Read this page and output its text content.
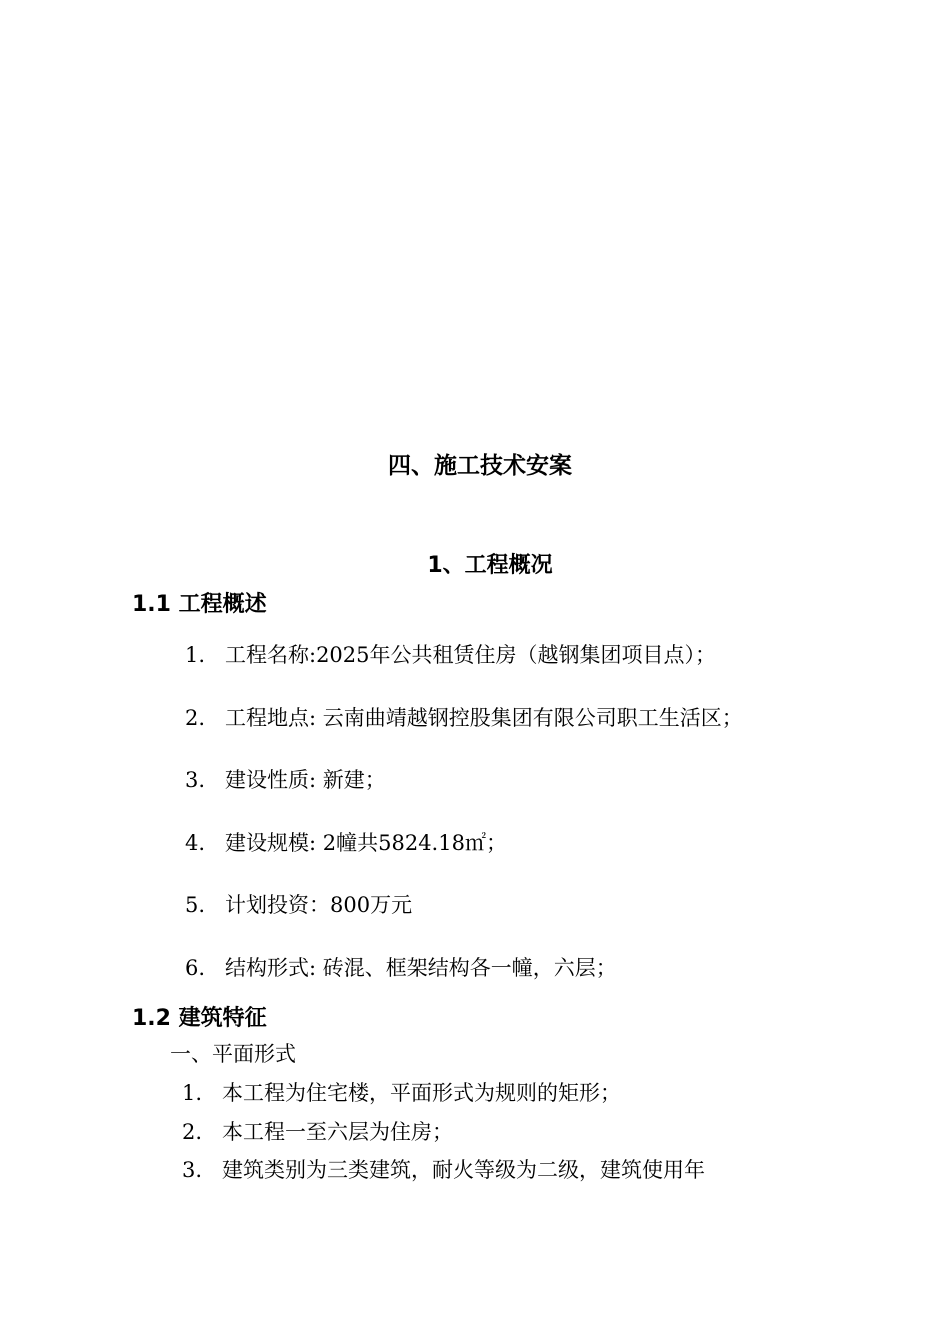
四、施工技术安案
1、工程概况
1.1 工程概述
1. 工程名称:2025年公共租赁住房（越钢集团项目点）；
2. 工程地点: 云南曲靖越钢控股集团有限公司职工生活区；
3. 建设性质: 新建；
4. 建设规模: 2幢共5824.18㎡；
5. 计划投资：800万元
6. 结构形式: 砖混、框架结构各一幢，六层；
1.2 建筑特征
一、平面形式
1. 本工程为住宅楼，平面形式为规则的矩形；
2. 本工程一至六层为住房；
3. 建筑类别为三类建筑，耐火等级为二级，建筑使用年
